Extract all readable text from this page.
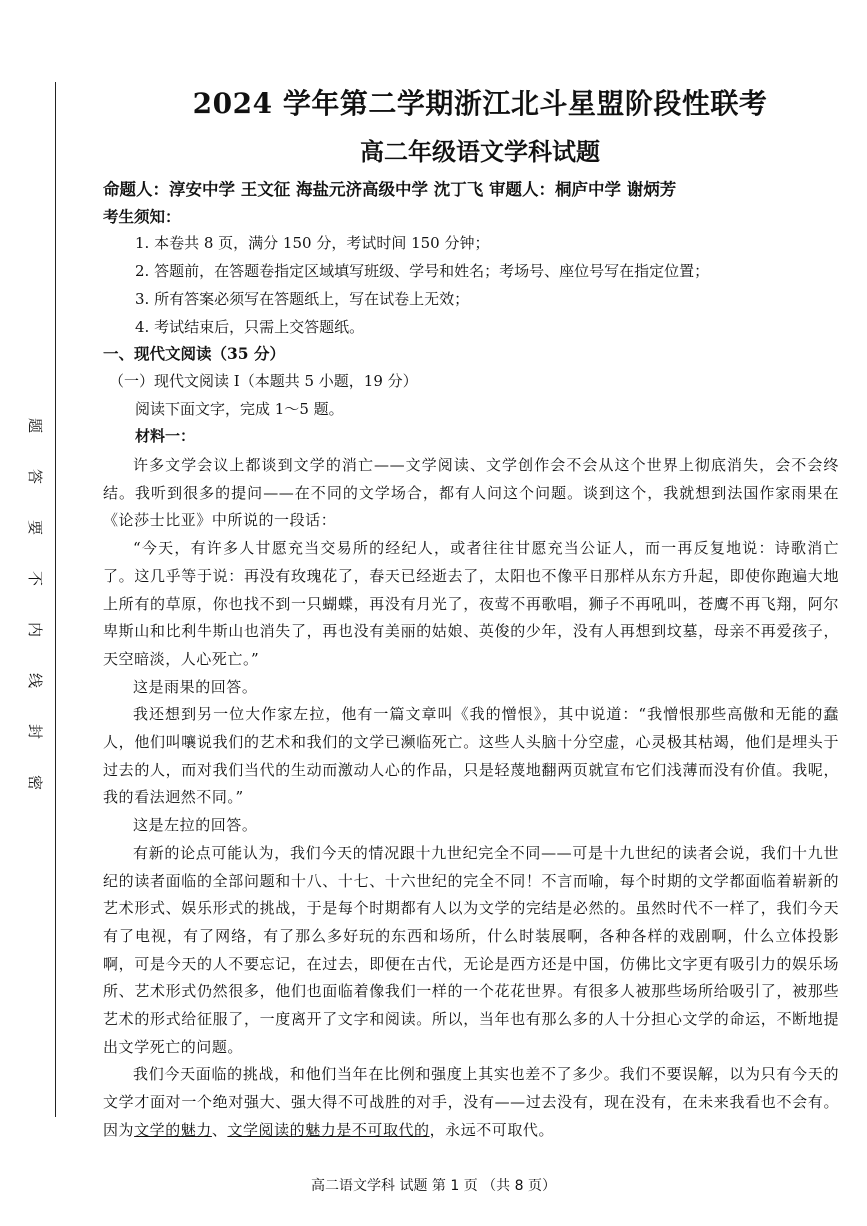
题
答
要
不
内
线
封
密
2024 学年第二学期浙江北斗星盟阶段性联考
高二年级语文学科试题
命题人：淳安中学 王文征 海盐元济高级中学 沈丁飞 审题人：桐庐中学 谢炳芳
考生须知：
1. 本卷共 8 页，满分 150 分，考试时间 150 分钟；
2. 答题前，在答题卷指定区域填写班级、学号和姓名；考场号、座位号写在指定位置；
3. 所有答案必须写在答题纸上，写在试卷上无效；
4. 考试结束后，只需上交答题纸。
一、现代文阅读（35 分）
（一）现代文阅读 I（本题共 5 小题，19 分）
阅读下面文字，完成 1～5 题。
材料一：

许多文学会议上都谈到文学的消亡——文学阅读、文学创作会不会从这个世界上彻底消失，会不会终结。我听到很多的提问——在不同的文学场合，都有人问这个问题。谈到这个，我就想到法国作家雨果在《论莎士比亚》中所说的一段话：

“今天，有许多人甘愿充当交易所的经纪人，或者往往甘愿充当公证人，而一再反复地说：诗歌消亡了。这几乎等于说：再没有玫瑰花了，春天已经逝去了，太阳也不像平日那样从东方升起，即使你跑遍大地上所有的草原，你也找不到一只蝴蝶，再没有月光了，夜莺不再歌唱，狮子不再吼叫，苍鹰不再飞翔，阿尔卑斯山和比利牛斯山也消失了，再也没有美丽的姑娘、英俊的少年，没有人再想到坟墓，母亲不再爱孩子，天空暗淡，人心死亡。”

这是雨果的回答。

我还想到另一位大作家左拉，他有一篇文章叫《我的憎恨》，其中说道：“我憎恨那些高傲和无能的蠢人，他们叫嚷说我们的艺术和我们的文学已濒临死亡。这些人头脑十分空虚，心灵极其枯竭，他们是埋头于过去的人，而对我们当代的生动而激动人心的作品，只是轻蔑地翻两页就宣布它们浅薄而没有价值。我呢，我的看法迥然不同。”

这是左拉的回答。

有新的论点可能认为，我们今天的情况跟十九世纪完全不同——可是十九世纪的读者会说，我们十九世纪的读者面临的全部问题和十八、十七、十六世纪的完全不同！不言而喻，每个时期的文学都面临着崭新的艺术形式、娱乐形式的挑战，于是每个时期都有人以为文学的完结是必然的。虽然时代不一样了，我们今天有了电视，有了网络，有了那么多好玩的东西和场所，什么时装展啊，各种各样的戏剧啊，什么立体投影啊，可是今天的人不要忘记，在过去，即便在古代，无论是西方还是中国，仿佛比文字更有吸引力的娱乐场所、艺术形式仍然很多，他们也面临着像我们一样的一个花花世界。有很多人被那些场所给吸引了，被那些艺术的形式给征服了，一度离开了文字和阅读。所以，当年也有那么多的人十分担心文学的命运，不断地提出文学死亡的问题。

我们今天面临的挑战，和他们当年在比例和强度上其实也差不了多少。我们不要误解，以为只有今天的文学才面对一个绝对强大、强大得不可战胜的对手，没有——过去没有，现在没有，在未来我看也不会有。因为文学的魅力、文学阅读的魅力是不可取代的，永远不可取代。

高二语文学科 试题 第 1 页 （共 8 页）
